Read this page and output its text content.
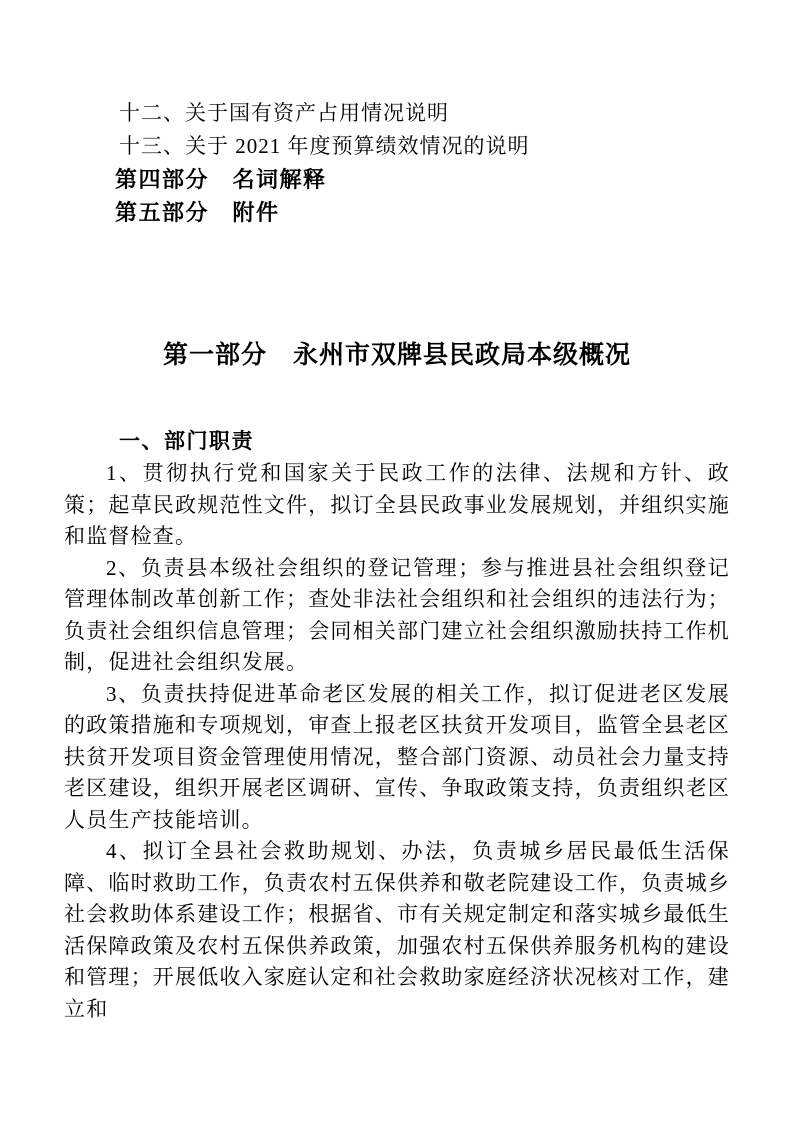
十二、关于国有资产占用情况说明
十三、关于 2021 年度预算绩效情况的说明
第四部分　名词解释
第五部分　附件
第一部分　永州市双牌县民政局本级概况
一、部门职责

1、贯彻执行党和国家关于民政工作的法律、法规和方针、政策；起草民政规范性文件，拟订全县民政事业发展规划，并组织实施和监督检查。

2、负责县本级社会组织的登记管理；参与推进县社会组织登记管理体制改革创新工作；查处非法社会组织和社会组织的违法行为；负责社会组织信息管理；会同相关部门建立社会组织激励扶持工作机制，促进社会组织发展。

3、负责扶持促进革命老区发展的相关工作，拟订促进老区发展的政策措施和专项规划，审查上报老区扶贫开发项目，监管全县老区扶贫开发项目资金管理使用情况，整合部门资源、动员社会力量支持老区建设，组织开展老区调研、宣传、争取政策支持，负责组织老区人员生产技能培训。

4、拟订全县社会救助规划、办法，负责城乡居民最低生活保障、临时救助工作，负责农村五保供养和敬老院建设工作，负责城乡社会救助体系建设工作；根据省、市有关规定制定和落实城乡最低生活保障政策及农村五保供养政策，加强农村五保供养服务机构的建设和管理；开展低收入家庭认定和社会救助家庭经济状况核对工作，建立和
